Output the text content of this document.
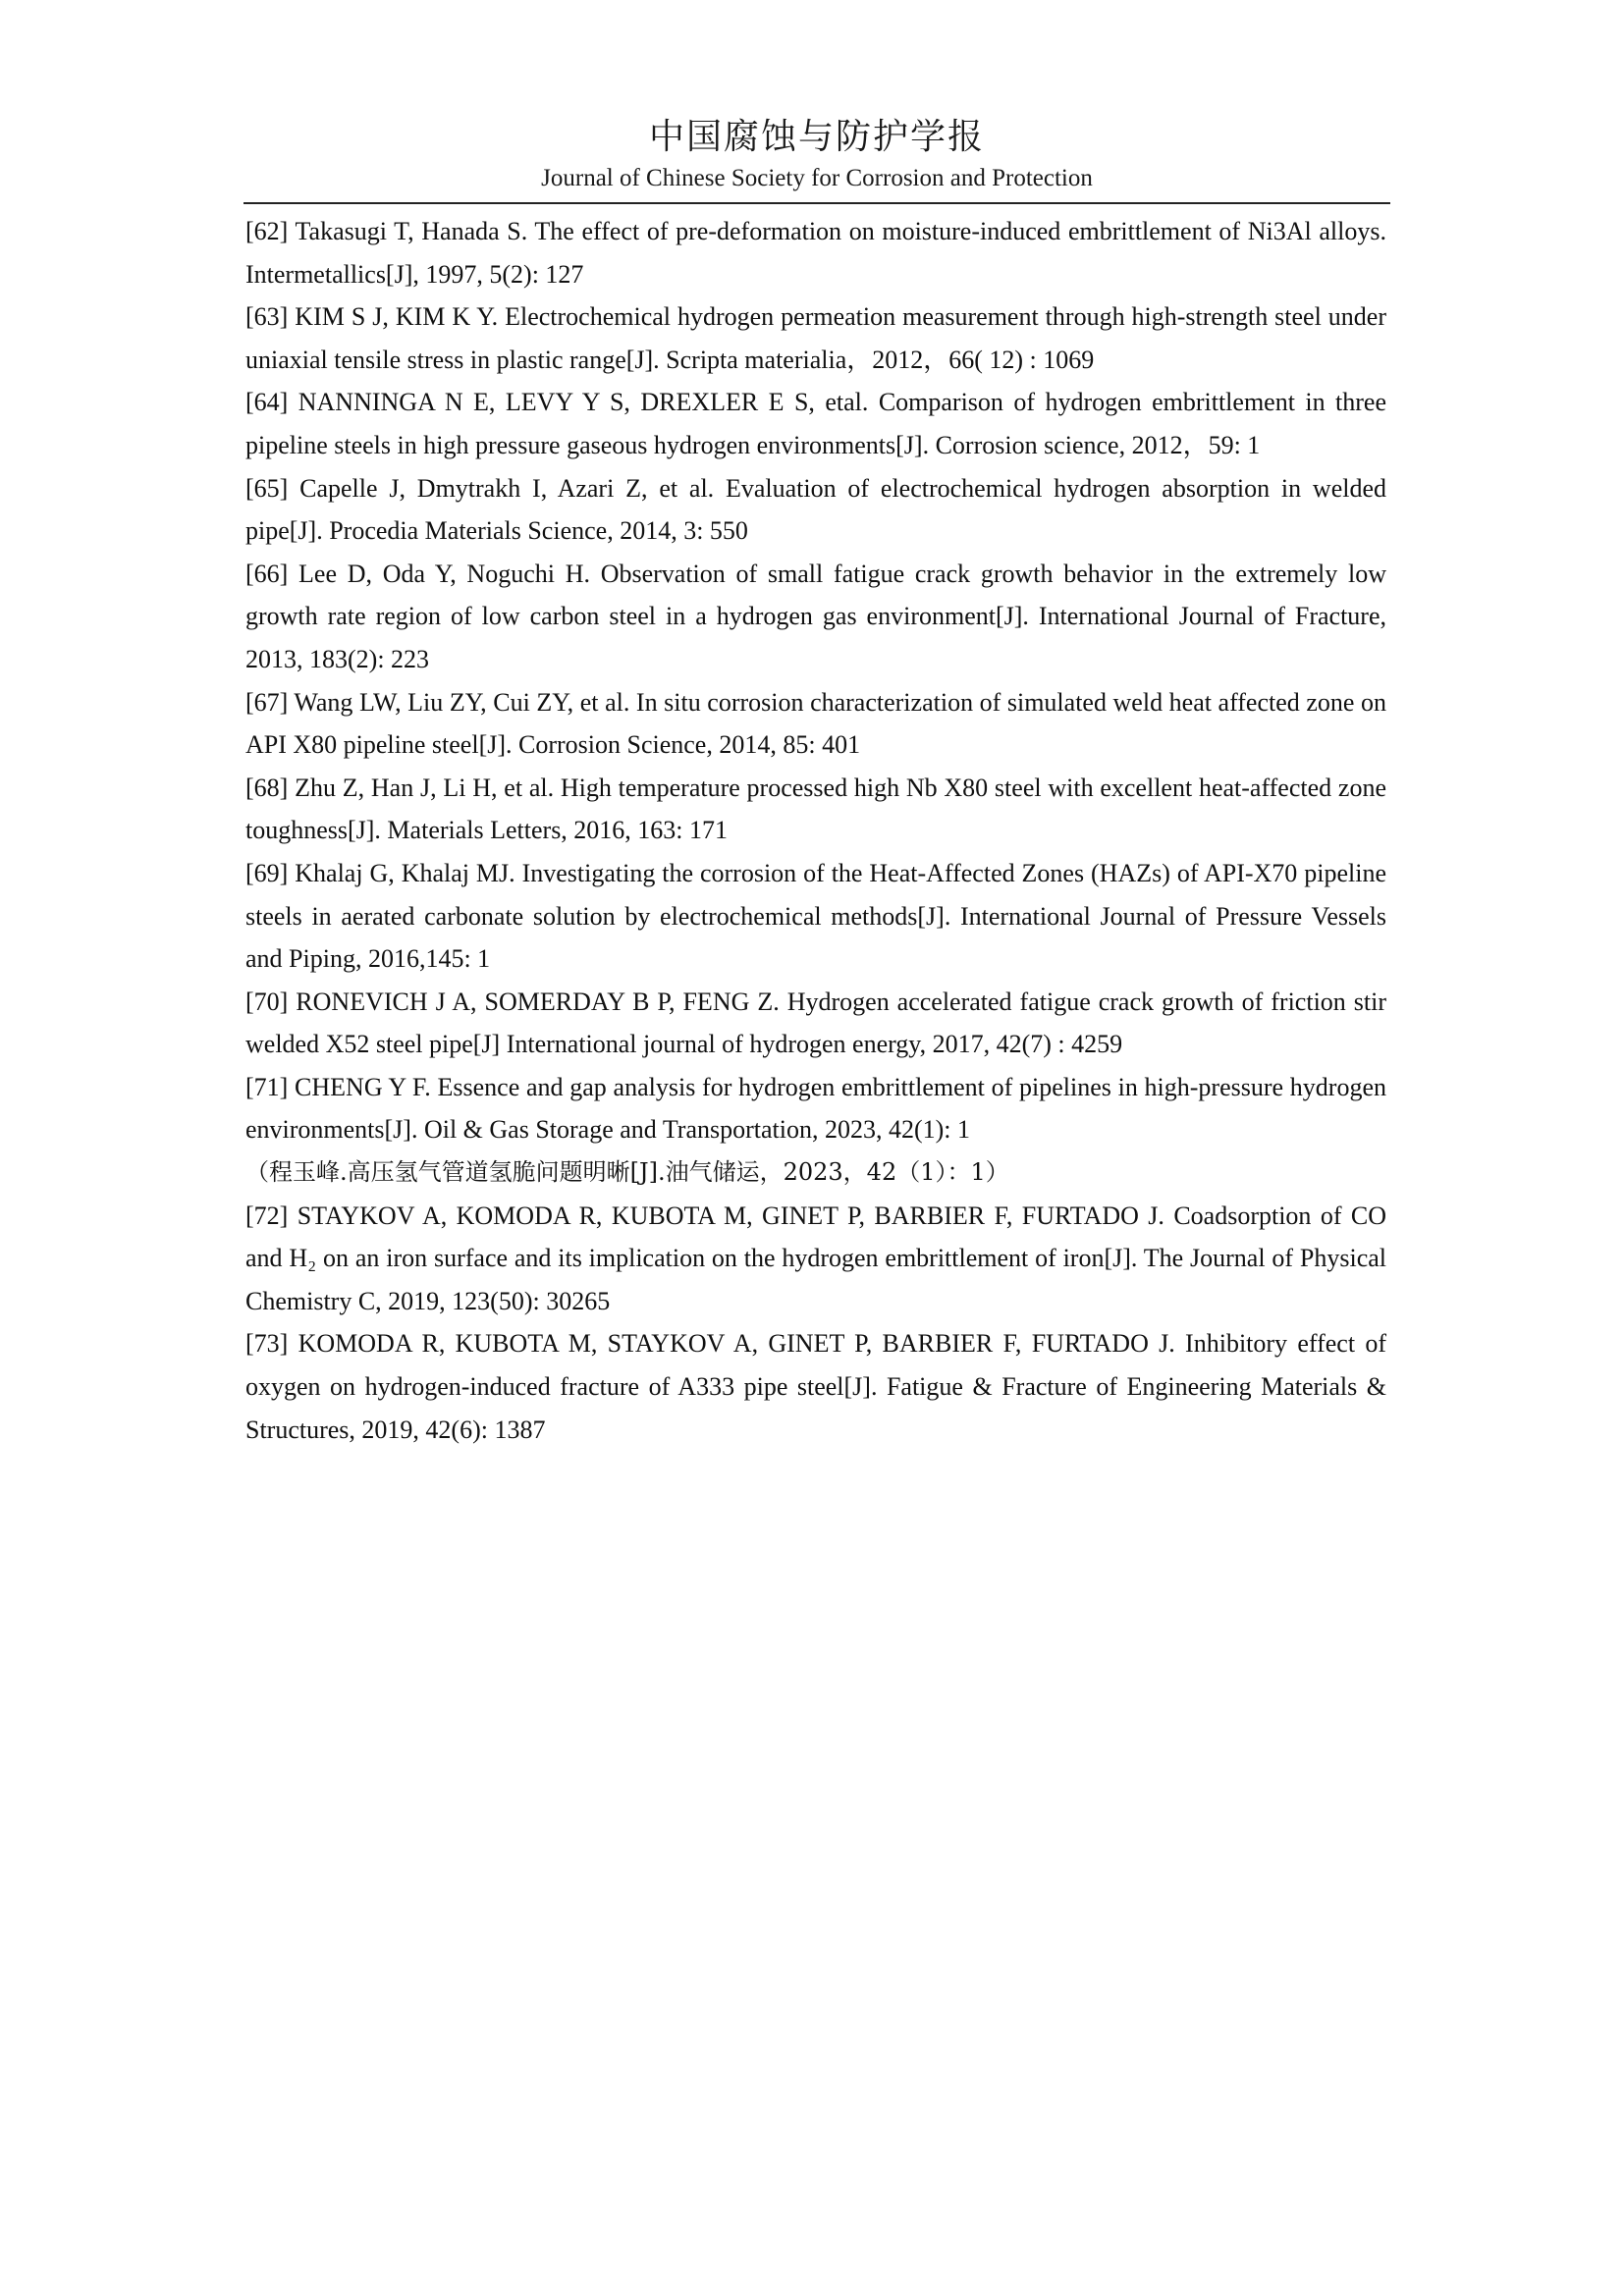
中国腐蚀与防护学报
Journal of Chinese Society for Corrosion and Protection

[62] Takasugi T, Hanada S. The effect of pre-deformation on moisture-induced embrittlement of Ni3Al alloys. Intermetallics[J], 1997, 5(2): 127

[63] KIM S J, KIM K Y. Electrochemical hydrogen permeation measurement through high-strength steel under uniaxial tensile stress in plastic range[J]. Scripta materialia，2012，66( 12) : 1069

[64] NANNINGA N E, LEVY Y S, DREXLER E S, etal. Comparison of hydrogen embrittlement in three pipeline steels in high pressure gaseous hydrogen environments[J]. Corrosion science, 2012，59: 1

[65] Capelle J, Dmytrakh I, Azari Z, et al. Evaluation of electrochemical hydrogen absorption in welded pipe[J]. Procedia Materials Science, 2014, 3: 550

[66] Lee D, Oda Y, Noguchi H. Observation of small fatigue crack growth behavior in the extremely low growth rate region of low carbon steel in a hydrogen gas environment[J]. International Journal of Fracture, 2013, 183(2): 223

[67] Wang LW, Liu ZY, Cui ZY, et al. In situ corrosion characterization of simulated weld heat affected zone on API X80 pipeline steel[J]. Corrosion Science, 2014, 85: 401

[68] Zhu Z, Han J, Li H, et al. High temperature processed high Nb X80 steel with excellent heat-affected zone toughness[J]. Materials Letters, 2016, 163: 171

[69] Khalaj G, Khalaj MJ. Investigating the corrosion of the Heat-Affected Zones (HAZs) of API-X70 pipeline steels in aerated carbonate solution by electrochemical methods[J]. International Journal of Pressure Vessels and Piping, 2016,145: 1

[70] RONEVICH J A, SOMERDAY B P, FENG Z. Hydrogen accelerated fatigue crack growth of friction stir welded X52 steel pipe[J] International journal of hydrogen energy, 2017, 42(7) : 4259

[71] CHENG Y F. Essence and gap analysis for hydrogen embrittlement of pipelines in high-pressure hydrogen environments[J]. Oil & Gas Storage and Transportation, 2023, 42(1): 1

（程玉峰.高压氢气管道氢脆问题明晰[J].油气储运，2023，42（1）：1）

[72] STAYKOV A, KOMODA R, KUBOTA M, GINET P, BARBIER F, FURTADO J. Coadsorption of CO and H₂ on an iron surface and its implication on the hydrogen embrittlement of iron[J]. The Journal of Physical Chemistry C, 2019, 123(50): 30265

[73] KOMODA R, KUBOTA M, STAYKOV A, GINET P, BARBIER F, FURTADO J. Inhibitory effect of oxygen on hydrogen-induced fracture of A333 pipe steel[J]. Fatigue & Fracture of Engineering Materials & Structures, 2019, 42(6): 1387
